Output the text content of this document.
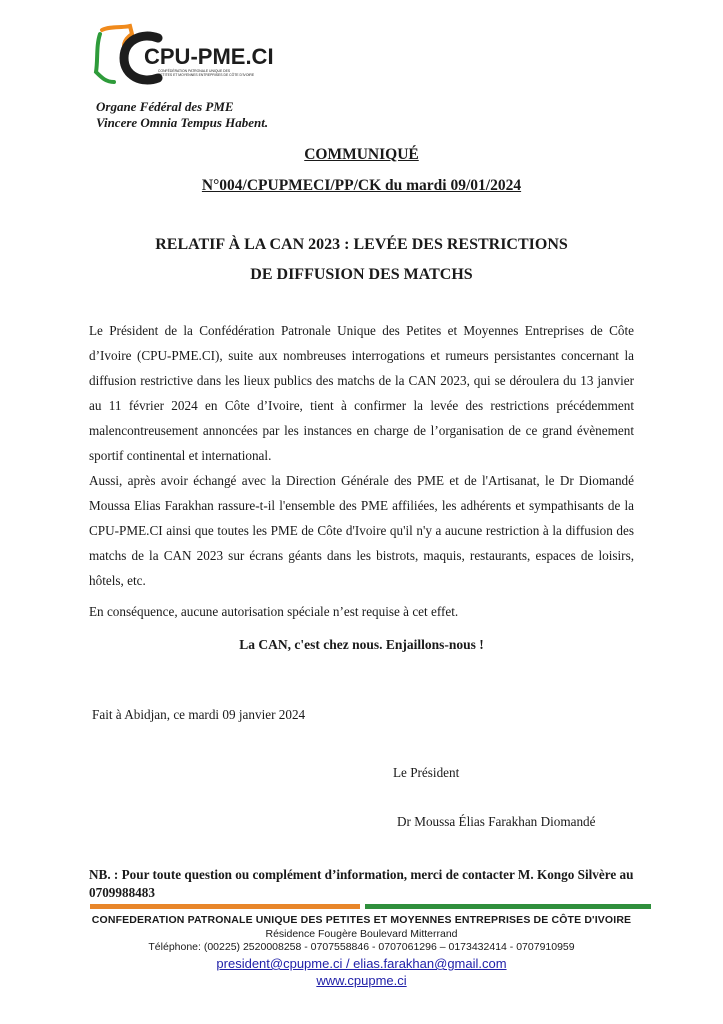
CPU-PME.CI
CONFÉDÉRATION PATRONALE UNIQUE DES
PETITES ET MOYENNES ENTREPRISES DE CÔTE D'IVOIRE
Organe Fédéral des PME
Vincere Omnia Tempus Habent.
COMMUNIQUÉ
N°004/CPUPMECI/PP/CK du mardi 09/01/2024
RELATIF À LA CAN 2023 : LEVÉE DES RESTRICTIONS
DE DIFFUSION DES MATCHS

Le Président de la Confédération Patronale Unique des Petites et Moyennes Entreprises de Côte d’Ivoire (CPU-PME.CI), suite aux nombreuses interrogations et rumeurs persistantes concernant la diffusion restrictive dans les lieux publics des matchs de la CAN 2023, qui se déroulera du 13 janvier au 11 février 2024 en Côte d’Ivoire, tient à confirmer la levée des restrictions précédemment malencontreusement annoncées par les instances en charge de l’organisation de ce grand évènement sportif continental et international.

Aussi, après avoir échangé avec la Direction Générale des PME et de l'Artisanat, le Dr Diomandé Moussa Elias Farakhan rassure-t-il l'ensemble des PME affiliées, les adhérents et sympathisants de la CPU-PME.CI ainsi que toutes les PME de Côte d'Ivoire qu'il n'y a aucune restriction à la diffusion des matchs de la CAN 2023 sur écrans géants dans les bistrots, maquis, restaurants, espaces de loisirs, hôtels, etc.

En conséquence, aucune autorisation spéciale n’est requise à cet effet.

La CAN, c'est chez nous. Enjaillons-nous !
Fait à Abidjan, ce mardi 09 janvier 2024
Le Président
Dr Moussa Élias Farakhan Diomandé
NB. : Pour toute question ou complément d’information, merci de contacter M. Kongo Silvère au 0709988483
CONFEDERATION PATRONALE UNIQUE DES PETITES ET MOYENNES ENTREPRISES DE CÔTE D'IVOIRE
Résidence Fougère Boulevard Mitterrand
Téléphone: (00225) 2520008258 - 0707558846 - 0707061296 – 0173432414 - 0707910959
president@cpupme.ci / elias.farakhan@gmail.com
www.cpupme.ci
